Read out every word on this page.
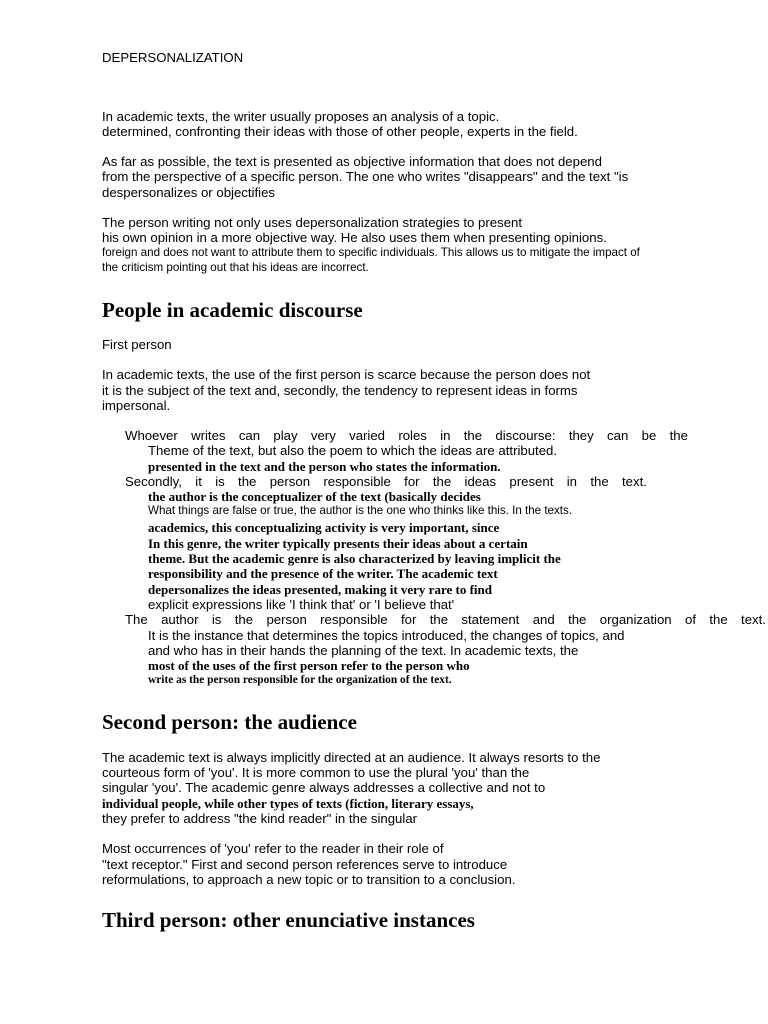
DEPERSONALIZATION
In academic texts, the writer usually proposes an analysis of a topic.
determined, confronting their ideas with those of other people, experts in the field.
As far as possible, the text is presented as objective information that does not depend
from the perspective of a specific person. The one who writes "disappears" and the text "is
despersonalizes or objectifies
The person writing not only uses depersonalization strategies to present
his own opinion in a more objective way. He also uses them when presenting opinions.
foreign and does not want to attribute them to specific individuals. This allows us to mitigate the impact of
the criticism pointing out that his ideas are incorrect.
People in academic discourse
First person
In academic texts, the use of the first person is scarce because the person does not
it is the subject of the text and, secondly, the tendency to represent ideas in forms
impersonal.
Whoever writes can play very varied roles in the discourse: they can be the
Theme of the text, but also the poem to which the ideas are attributed.
presented in the text and the person who states the information.
Secondly, it is the person responsible for the ideas present in the text.
the author is the conceptualizer of the text (basically decides
What things are false or true, the author is the one who thinks like this. In the texts.
academics, this conceptualizing activity is very important, since
In this genre, the writer typically presents their ideas about a certain
theme. But the academic genre is also characterized by leaving implicit the
responsibility and the presence of the writer. The academic text
depersonalizes the ideas presented, making it very rare to find
explicit expressions like 'I think that' or 'I believe that'
The author is the person responsible for the statement and the organization of the text.
It is the instance that determines the topics introduced, the changes of topics, and
and who has in their hands the planning of the text. In academic texts, the
most of the uses of the first person refer to the person who
write as the person responsible for the organization of the text.
Second person: the audience
The academic text is always implicitly directed at an audience. It always resorts to the
courteous form of 'you'. It is more common to use the plural 'you' than the
singular 'you'. The academic genre always addresses a collective and not to
individual people, while other types of texts (fiction, literary essays,
they prefer to address "the kind reader" in the singular
Most occurrences of 'you' refer to the reader in their role of
"text receptor." First and second person references serve to introduce
reformulations, to approach a new topic or to transition to a conclusion.
Third person: other enunciative instances
